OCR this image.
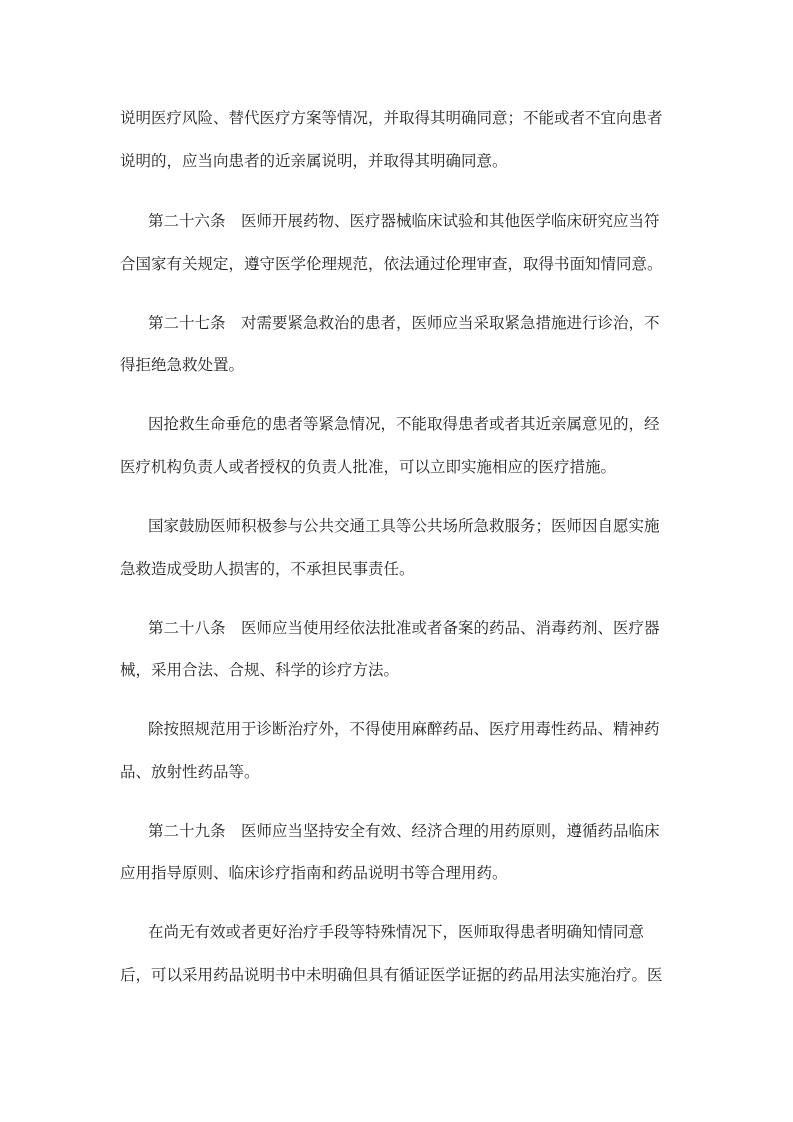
说明医疗风险、替代医疗方案等情况，并取得其明确同意；不能或者不宜向患者
说明的，应当向患者的近亲属说明，并取得其明确同意。
第二十六条　医师开展药物、医疗器械临床试验和其他医学临床研究应当符
合国家有关规定，遵守医学伦理规范，依法通过伦理审查，取得书面知情同意。
第二十七条　对需要紧急救治的患者，医师应当采取紧急措施进行诊治，不
得拒绝急救处置。
因抢救生命垂危的患者等紧急情况，不能取得患者或者其近亲属意见的，经
医疗机构负责人或者授权的负责人批准，可以立即实施相应的医疗措施。
国家鼓励医师积极参与公共交通工具等公共场所急救服务；医师因自愿实施
急救造成受助人损害的，不承担民事责任。
第二十八条　医师应当使用经依法批准或者备案的药品、消毒药剂、医疗器
械，采用合法、合规、科学的诊疗方法。
除按照规范用于诊断治疗外，不得使用麻醉药品、医疗用毒性药品、精神药
品、放射性药品等。
第二十九条　医师应当坚持安全有效、经济合理的用药原则，遵循药品临床
应用指导原则、临床诊疗指南和药品说明书等合理用药。
在尚无有效或者更好治疗手段等特殊情况下，医师取得患者明确知情同意
后，可以采用药品说明书中未明确但具有循证医学证据的药品用法实施治疗。医
